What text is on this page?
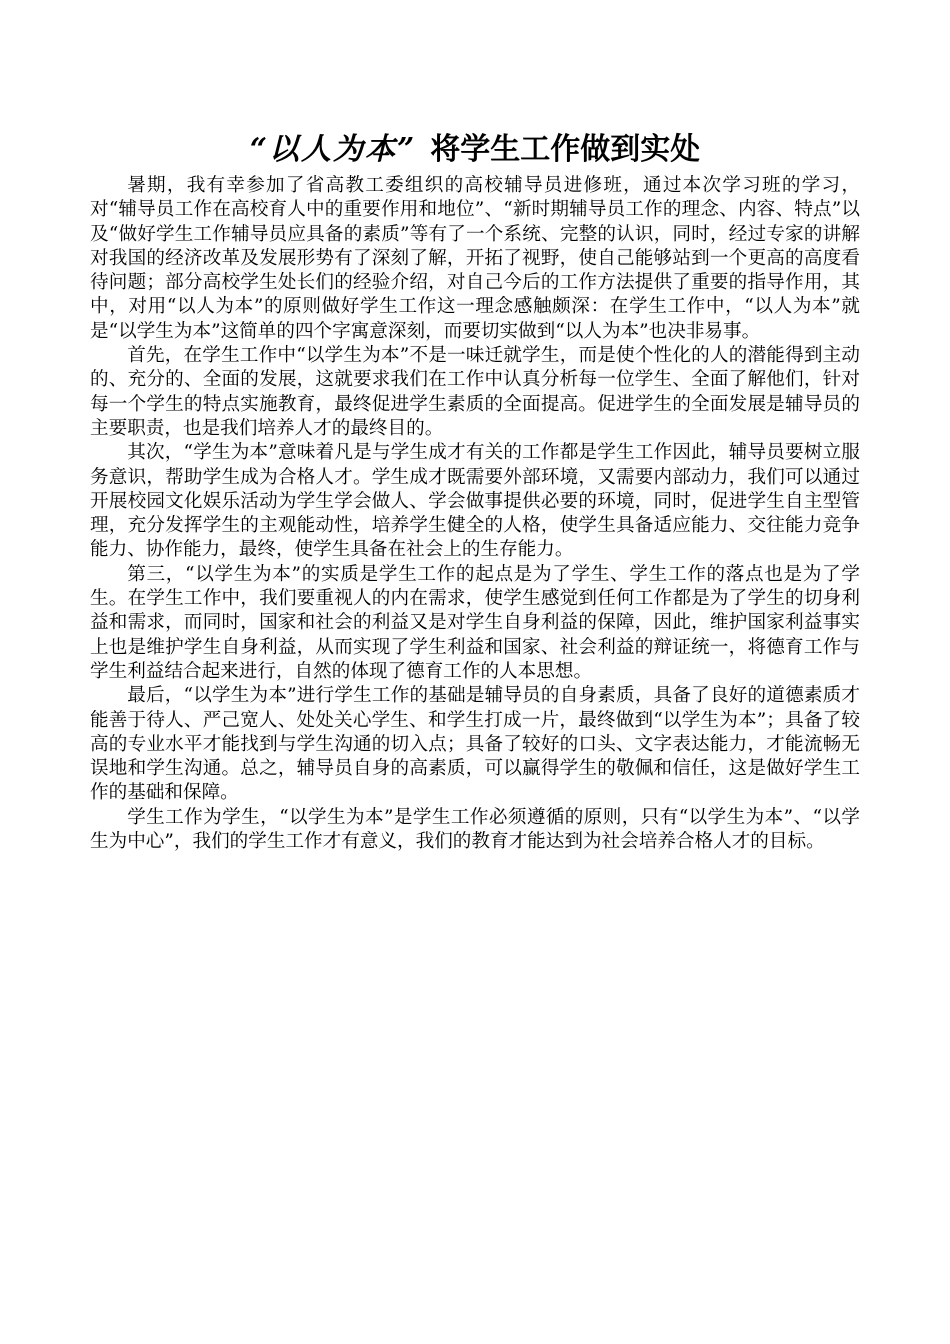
“以人为本” 将学生工作做到实处

暑期，我有幸参加了省高教工委组织的高校辅导员进修班，通过本次学习班的学习，对“辅导员工作在高校育人中的重要作用和地位”、“新时期辅导员工作的理念、内容、特点”以及“做好学生工作辅导员应具备的素质”等有了一个系统、完整的认识，同时，经过专家的讲解对我国的经济改革及发展形势有了深刻了解，开拓了视野，使自己能够站到一个更高的高度看待问题；部分高校学生处长们的经验介绍，对自己今后的工作方法提供了重要的指导作用，其中，对用“以人为本”的原则做好学生工作这一理念感触颇深：在学生工作中，“以人为本”就是“以学生为本”这简单的四个字寓意深刻，而要切实做到“以人为本”也决非易事。

首先，在学生工作中“以学生为本”不是一味迁就学生，而是使个性化的人的潜能得到主动的、充分的、全面的发展，这就要求我们在工作中认真分析每一位学生、全面了解他们，针对每一个学生的特点实施教育，最终促进学生素质的全面提高。促进学生的全面发展是辅导员的主要职责，也是我们培养人才的最终目的。

其次，“学生为本”意味着凡是与学生成才有关的工作都是学生工作因此，辅导员要树立服务意识，帮助学生成为合格人才。学生成才既需要外部环境，又需要内部动力，我们可以通过开展校园文化娱乐活动为学生学会做人、学会做事提供必要的环境，同时，促进学生自主型管理，充分发挥学生的主观能动性，培养学生健全的人格，使学生具备适应能力、交往能力竞争能力、协作能力，最终，使学生具备在社会上的生存能力。

第三，“以学生为本”的实质是学生工作的起点是为了学生、学生工作的落点也是为了学生。在学生工作中，我们要重视人的内在需求，使学生感觉到任何工作都是为了学生的切身利益和需求，而同时，国家和社会的利益又是对学生自身利益的保障，因此，维护国家利益事实上也是维护学生自身利益，从而实现了学生利益和国家、社会利益的辩证统一，将德育工作与学生利益结合起来进行，自然的体现了德育工作的人本思想。

最后，“以学生为本”进行学生工作的基础是辅导员的自身素质，具备了良好的道德素质才能善于待人、严己宽人、处处关心学生、和学生打成一片，最终做到“以学生为本”；具备了较高的专业水平才能找到与学生沟通的切入点；具备了较好的口头、文字表达能力，才能流畅无误地和学生沟通。总之，辅导员自身的高素质，可以赢得学生的敬佩和信任，这是做好学生工作的基础和保障。

学生工作为学生，“以学生为本”是学生工作必须遵循的原则，只有“以学生为本”、“以学生为中心”，我们的学生工作才有意义，我们的教育才能达到为社会培养合格人才的目标。
